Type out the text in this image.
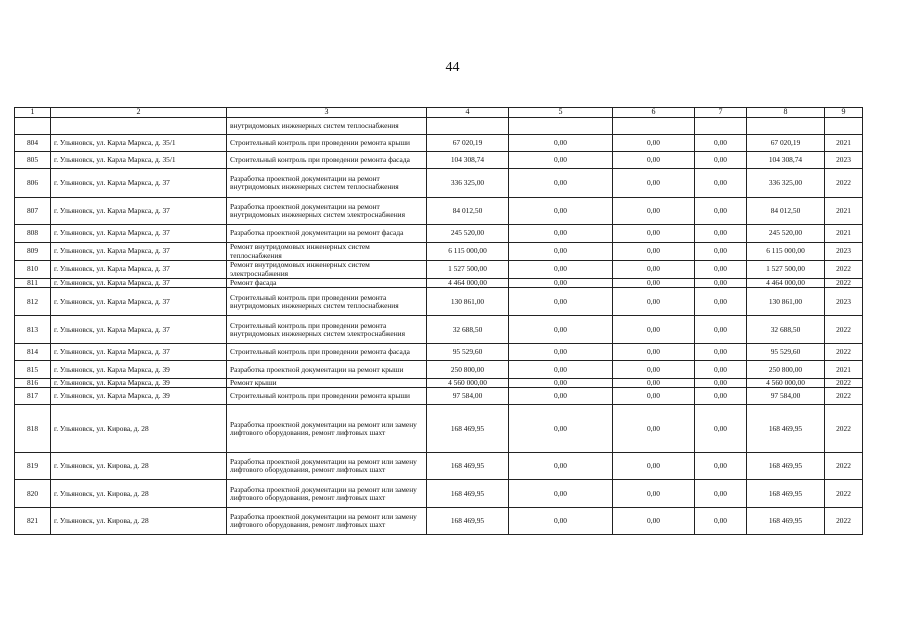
44
1	2	3	4	5	6	7	8	9
		внутридомовых инженерных систем теплоснабжения						
804	г. Ульяновск, ул. Карла Маркса, д. 35/1	Строительный контроль при проведении ремонта крыши	67 020,19	0,00	0,00	0,00	67 020,19	2021
805	г. Ульяновск, ул. Карла Маркса, д. 35/1	Строительный контроль при проведении ремонта фасада	104 308,74	0,00	0,00	0,00	104 308,74	2023
806	г. Ульяновск, ул. Карла Маркса, д. 37	Разработка проектной документации на ремонт внутридомовых инженерных систем теплоснабжения	336 325,00	0,00	0,00	0,00	336 325,00	2022
807	г. Ульяновск, ул. Карла Маркса, д. 37	Разработка проектной документации на ремонт внутридомовых инженерных систем электроснабжения	84 012,50	0,00	0,00	0,00	84 012,50	2021
808	г. Ульяновск, ул. Карла Маркса, д. 37	Разработка проектной документации на ремонт фасада	245 520,00	0,00	0,00	0,00	245 520,00	2021
809	г. Ульяновск, ул. Карла Маркса, д. 37	Ремонт внутридомовых инженерных систем теплоснабжения	6 115 000,00	0,00	0,00	0,00	6 115 000,00	2023
810	г. Ульяновск, ул. Карла Маркса, д. 37	Ремонт внутридомовых инженерных систем электроснабжения	1 527 500,00	0,00	0,00	0,00	1 527 500,00	2022
811	г. Ульяновск, ул. Карла Маркса, д. 37	Ремонт фасада	4 464 000,00	0,00	0,00	0,00	4 464 000,00	2022
812	г. Ульяновск, ул. Карла Маркса, д. 37	Строительный контроль при проведении ремонта внутридомовых инженерных систем теплоснабжения	130 861,00	0,00	0,00	0,00	130 861,00	2023
813	г. Ульяновск, ул. Карла Маркса, д. 37	Строительный контроль при проведении ремонта внутридомовых инженерных систем электроснабжения	32 688,50	0,00	0,00	0,00	32 688,50	2022
814	г. Ульяновск, ул. Карла Маркса, д. 37	Строительный контроль при проведении ремонта фасада	95 529,60	0,00	0,00	0,00	95 529,60	2022
815	г. Ульяновск, ул. Карла Маркса, д. 39	Разработка проектной документации на ремонт крыши	250 800,00	0,00	0,00	0,00	250 800,00	2021
816	г. Ульяновск, ул. Карла Маркса, д. 39	Ремонт крыши	4 560 000,00	0,00	0,00	0,00	4 560 000,00	2022
817	г. Ульяновск, ул. Карла Маркса, д. 39	Строительный контроль при проведении ремонта крыши	97 584,00	0,00	0,00	0,00	97 584,00	2022
818	г. Ульяновск, ул. Кирова, д. 28	Разработка проектной документации на ремонт или замену лифтового оборудования, ремонт лифтовых шахт	168 469,95	0,00	0,00	0,00	168 469,95	2022
819	г. Ульяновск, ул. Кирова, д. 28	Разработка проектной документации на ремонт или замену лифтового оборудования, ремонт лифтовых шахт	168 469,95	0,00	0,00	0,00	168 469,95	2022
820	г. Ульяновск, ул. Кирова, д. 28	Разработка проектной документации на ремонт или замену лифтового оборудования, ремонт лифтовых шахт	168 469,95	0,00	0,00	0,00	168 469,95	2022
821	г. Ульяновск, ул. Кирова, д. 28	Разработка проектной документации на ремонт или замену лифтового оборудования, ремонт лифтовых шахт	168 469,95	0,00	0,00	0,00	168 469,95	2022
